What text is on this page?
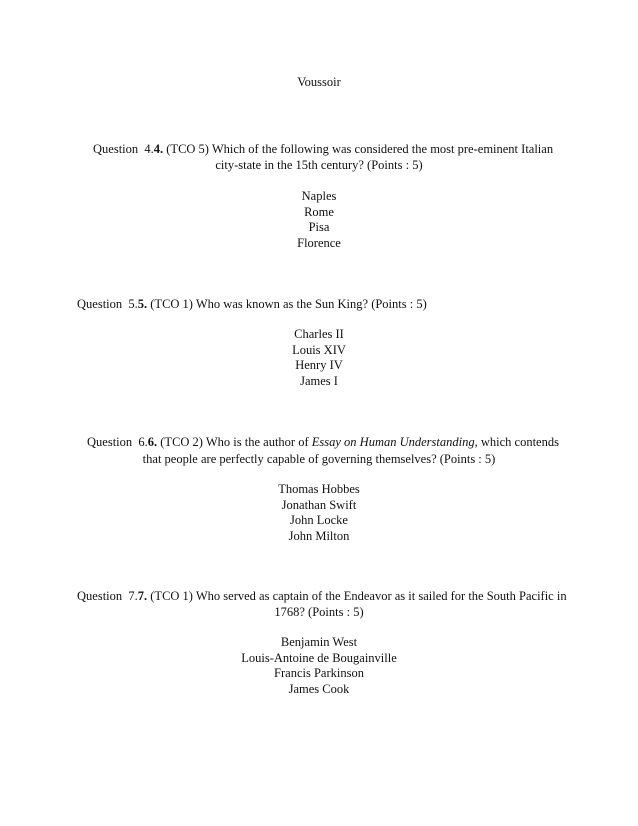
Voussoir
Question 4.4. (TCO 5) Which of the following was considered the most pre-eminent Italian
city-state in the 15th century? (Points : 5)
Naples
Rome
Pisa
Florence
Question 5.5. (TCO 1) Who was known as the Sun King? (Points : 5)
Charles II
Louis XIV
Henry IV
James I
Question 6.6. (TCO 2) Who is the author of Essay on Human Understanding, which contends
that people are perfectly capable of governing themselves? (Points : 5)
Thomas Hobbes
Jonathan Swift
John Locke
John Milton
Question 7.7. (TCO 1) Who served as captain of the Endeavor as it sailed for the South Pacific in
1768? (Points : 5)
Benjamin West
Louis-Antoine de Bougainville
Francis Parkinson
James Cook
